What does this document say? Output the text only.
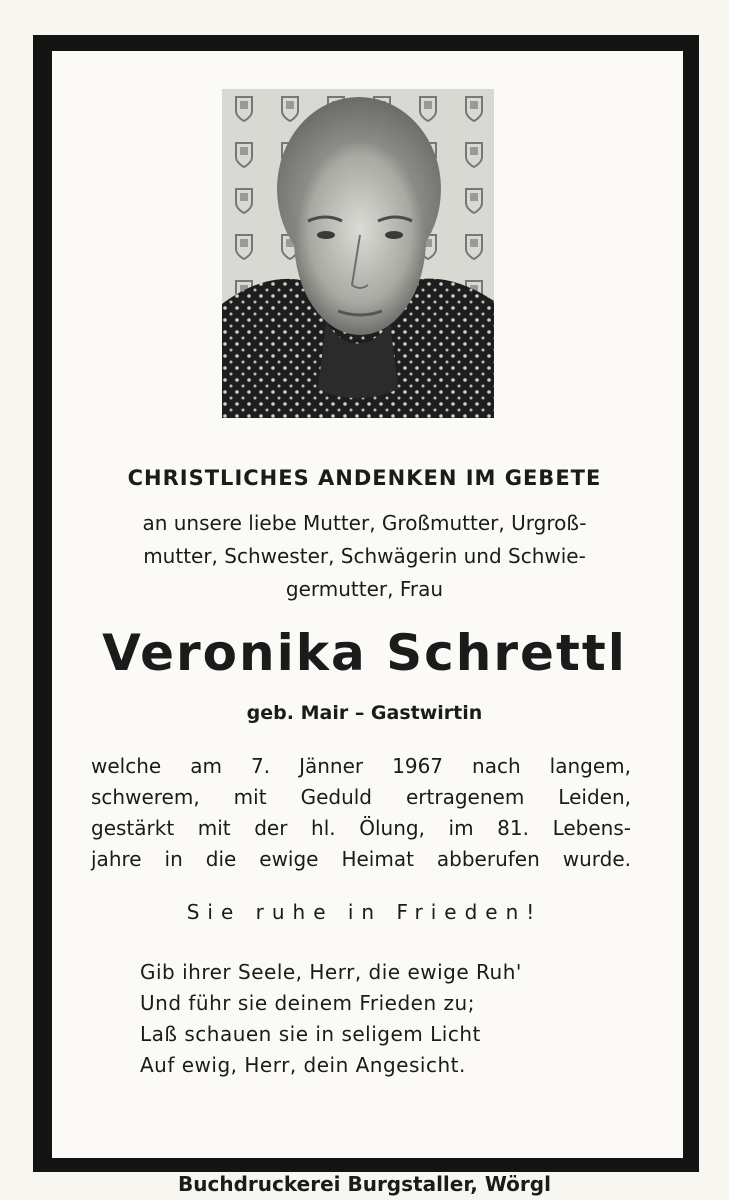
CHRISTLICHES ANDENKEN IM GEBETE
an unsere liebe Mutter, Großmutter, Urgroß-
mutter, Schwester, Schwägerin und Schwie-
germutter, Frau
Veronika Schrettl
geb. Mair – Gastwirtin
welche am 7. Jänner 1967 nach langem,
schwerem, mit Geduld ertragenem Leiden,
gestärkt mit der hl. Ölung, im 81. Lebens-
jahre in die ewige Heimat abberufen wurde.
Sie ruhe in Frieden!
Gib ihrer Seele, Herr, die ewige Ruh'
Und führ sie deinem Frieden zu;
Laß schauen sie in seligem Licht
Auf ewig, Herr, dein Angesicht.
Buchdruckerei Burgstaller, Wörgl
